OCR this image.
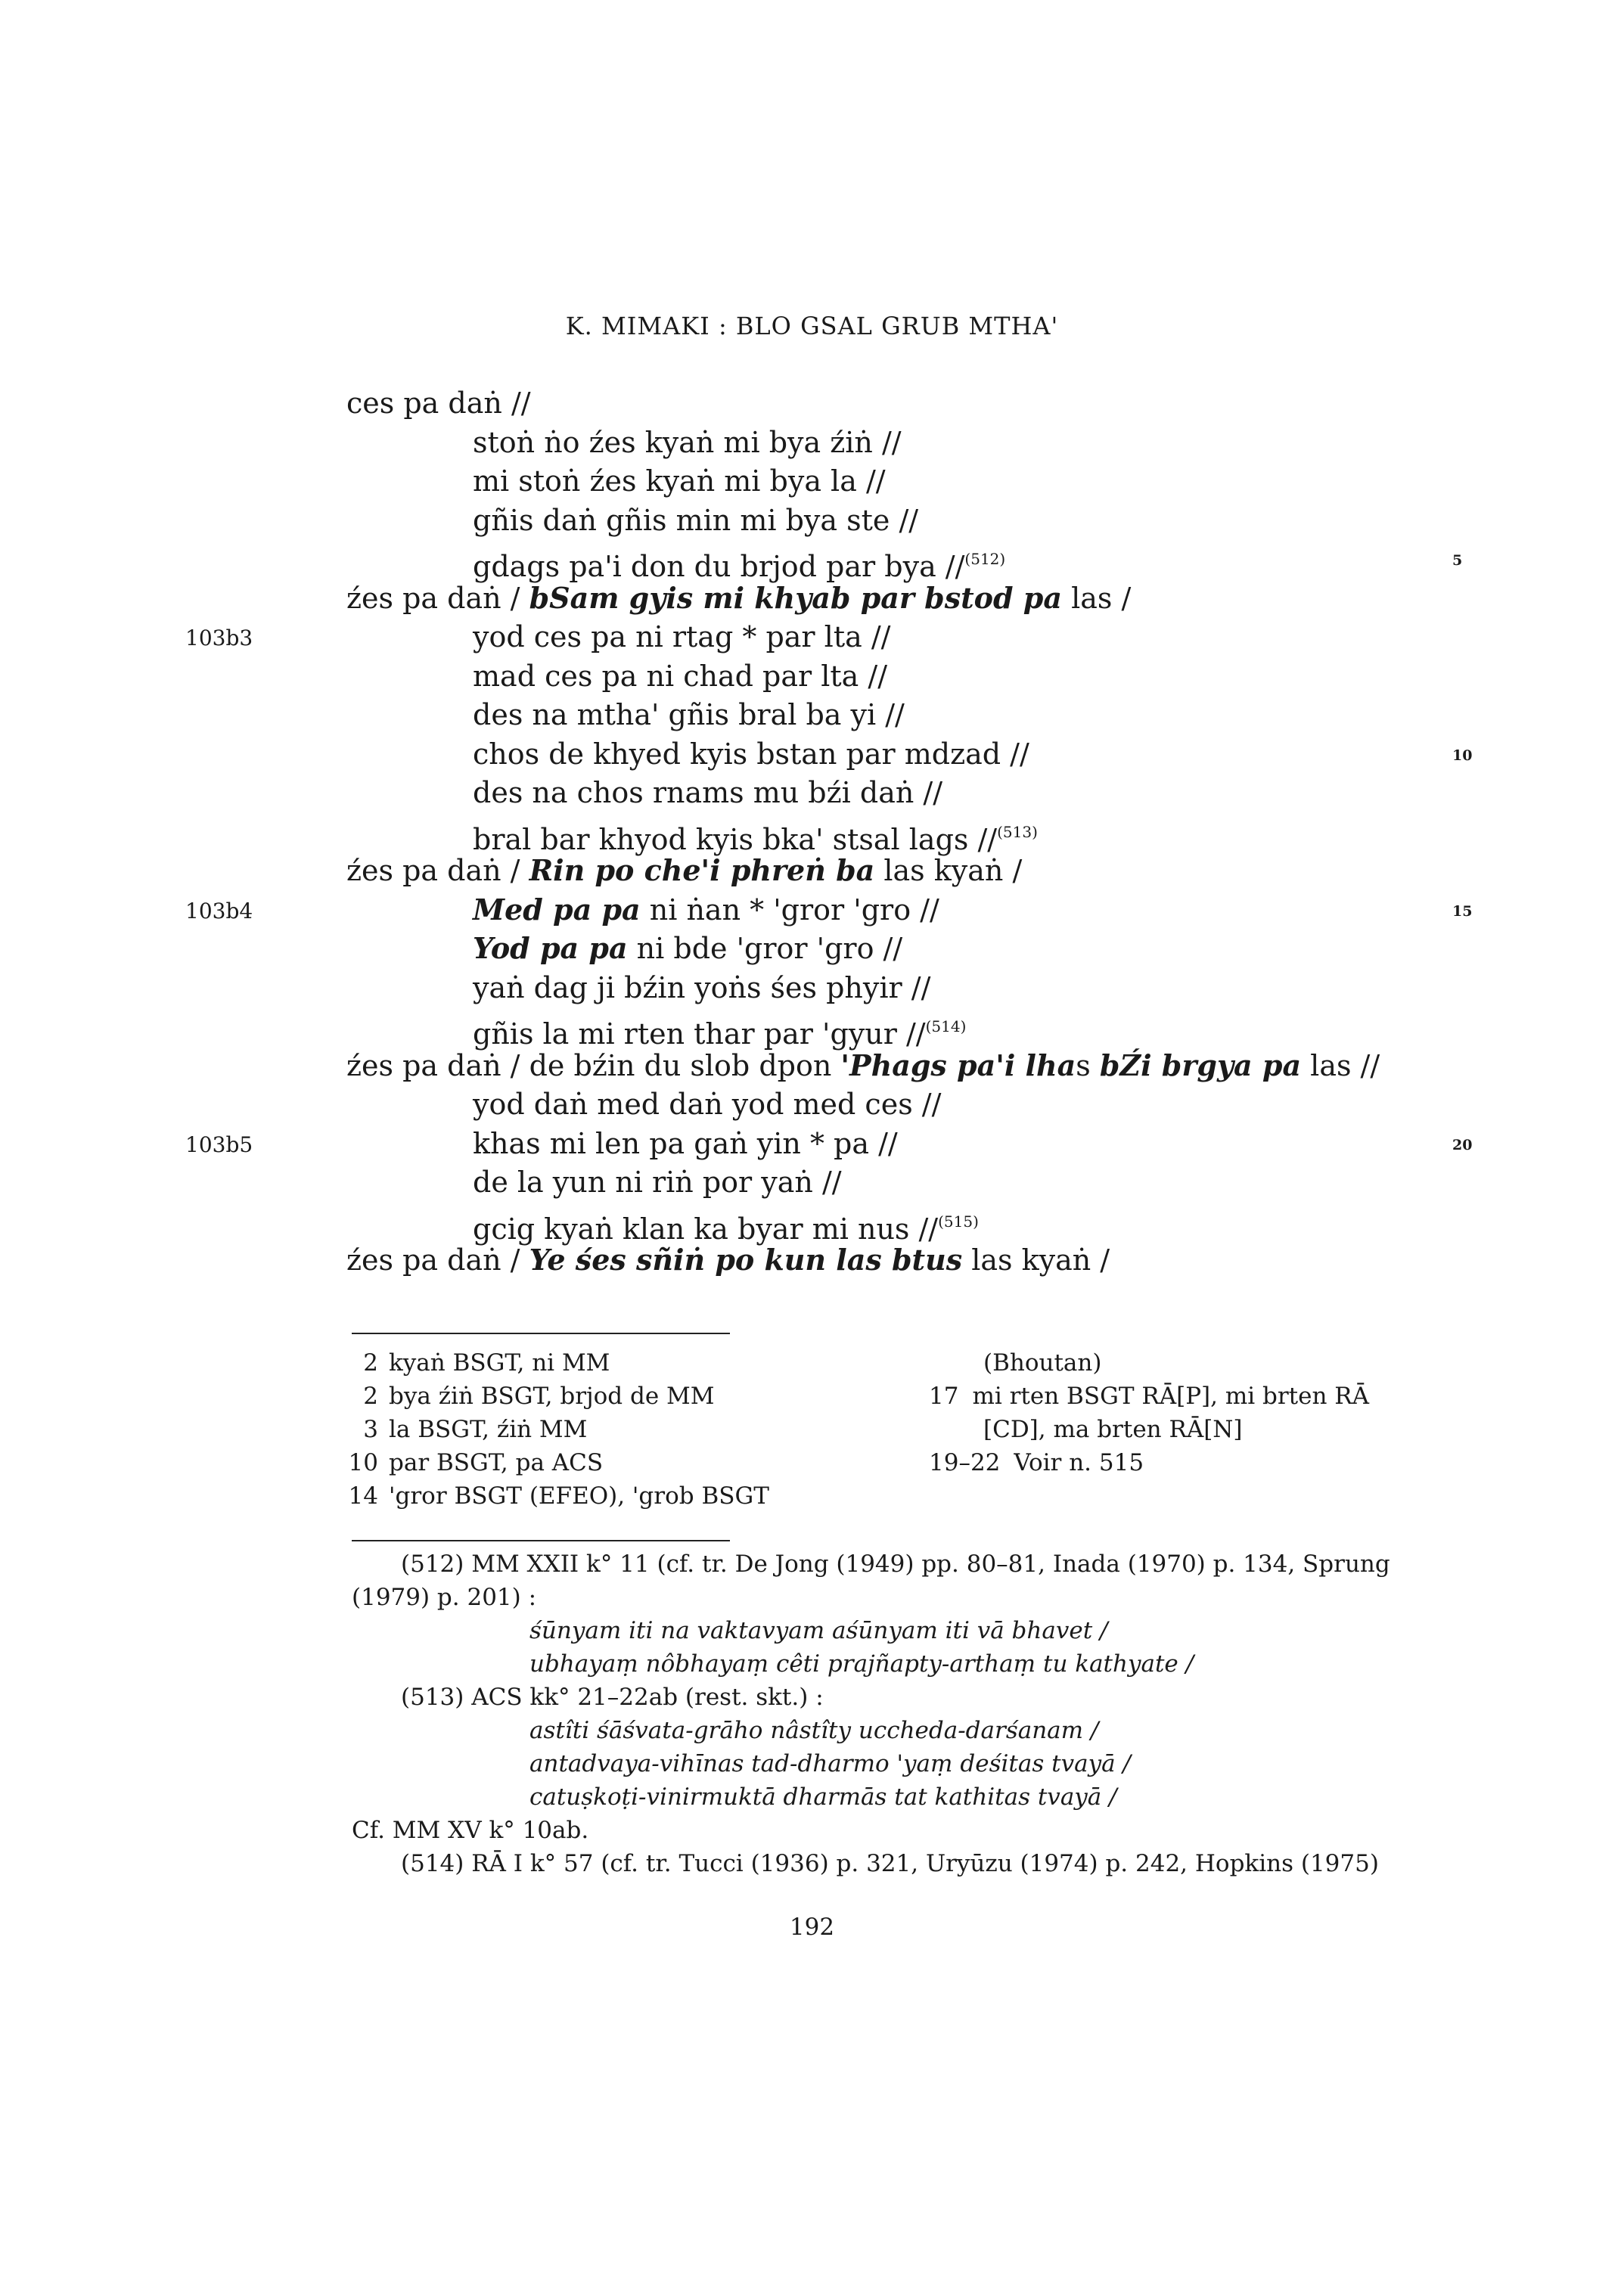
K. MIMAKI : BLO GSAL GRUB MTHA'
ces pa daṅ //
stoṅ ṅo źes kyaṅ mi bya źiṅ //
mi stoṅ źes kyaṅ mi bya la //
gñis daṅ gñis min mi bya ste //
gdags pa'i don du brjod par bya //$^{(512)}$
źes pa daṅ / bSam gyis mi khyab par bstod pa las /
yod ces pa ni rtag * par lta //
mad ces pa ni chad par lta //
des na mtha' gñis bral ba yi //
chos de khyed kyis bstan par mdzad //
des na chos rnams mu bźi daṅ //
bral bar khyod kyis bka' stsal lags //$^{(513)}$
źes pa daṅ / Rin po che'i phreṅ ba las kyaṅ /
Med pa pa ni ṅan * 'gror 'gro //
Yod pa pa ni bde 'gror 'gro //
yaṅ dag ji bźin yoṅs śes phyir //
gñis la mi rten thar par 'gyur //$^{(514)}$
źes pa daṅ / de bźin du slob dpon 'Phags pa'i lhas bŹi brgya pa las //
yod daṅ med daṅ yod med ces //
khas mi len pa gaṅ yin * pa //
de la yun ni riṅ por yaṅ //
gcig kyaṅ klan ka byar mi nus //$^{(515)}$
źes pa daṅ / Ye śes sñiṅ po kun las btus las kyaṅ /
103b3
103b4
103b5
5
10
15
20
2 kyaṅ BSGT, ni MM
2 bya źiṅ BSGT, brjod de MM
3 la BSGT, źiṅ MM
10 par BSGT, pa ACS
14 'gror BSGT (EFEO), 'grob BSGT
(Bhoutan)
17 mi rten BSGT RĀ[P], mi brten RĀ
[CD], ma brten RĀ[N]
19–22 Voir n. 515
(512) MM XXII k° 11 (cf. tr. De Jong (1949) pp. 80–81, Inada (1970) p. 134, Sprung
(1979) p. 201) :
śūnyam iti na vaktavyam aśūnyam iti vā bhavet /
ubhayaṃ nôbhayaṃ cêti prajñapty-arthaṃ tu kathyate /
(513) ACS kk° 21–22ab (rest. skt.) :
astîti śāśvata-grāho nâstîty uccheda-darśanam /
antadvaya-vihīnas tad-dharmo 'yaṃ deśitas tvayā /
catuṣkoṭi-vinirmuktā dharmās tat kathitas tvayā /
Cf. MM XV k° 10ab.
(514) RĀ I k° 57 (cf. tr. Tucci (1936) p. 321, Uryūzu (1974) p. 242, Hopkins (1975)
192
